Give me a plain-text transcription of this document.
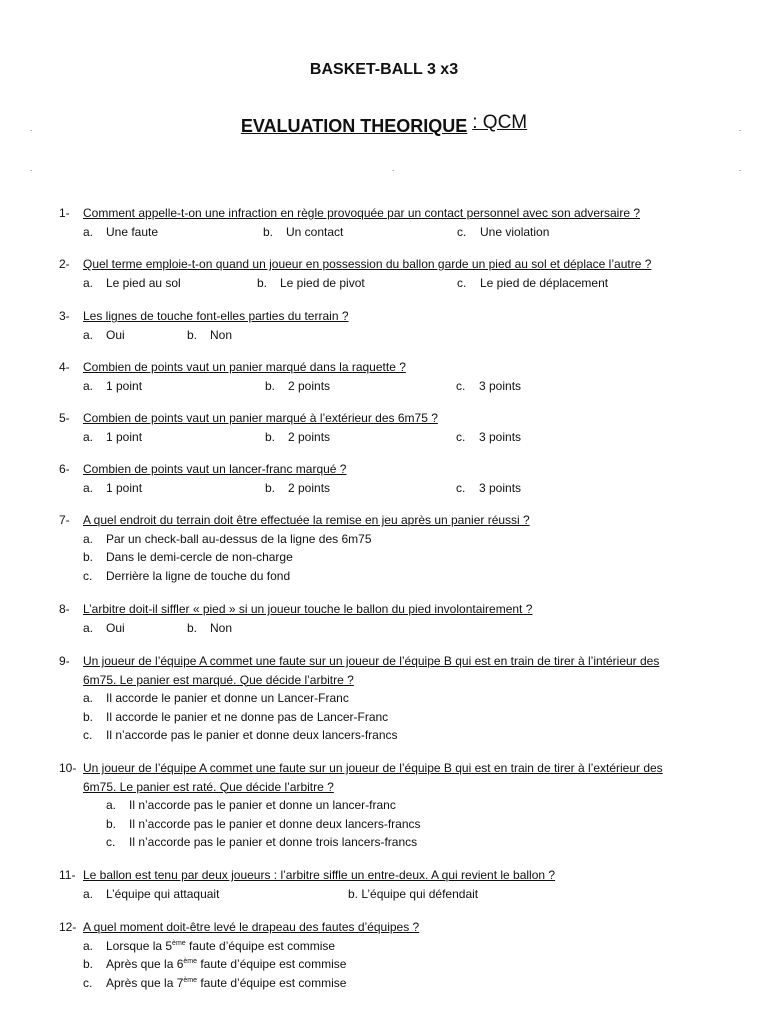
BASKET-BALL 3 x3
EVALUATION THEORIQUE : QCM
.	.
.	.	.
1-	Comment appelle-t-on une infraction en règle provoquée par un contact personnel avec son adversaire ?
a. Une faute	b. Un contact	c. Une violation
2-	Quel terme emploie-t-on quand un joueur en possession du ballon garde un pied au sol et déplace l’autre ?
a. Le pied au sol	b. Le pied de pivot	c. Le pied de déplacement
3-	Les lignes de touche font-elles parties du terrain ?
a. Oui	b. Non
4-	Combien de points vaut un panier marqué dans la raquette ?
a. 1 point	b. 2 points	c. 3 points
5-	Combien de points vaut un panier marqué à l’extérieur des 6m75 ?
a. 1 point	b. 2 points	c. 3 points
6-	Combien de points vaut un lancer-franc marqué ?
a. 1 point	b. 2 points	c. 3 points
7-	A quel endroit du terrain doit être effectuée la remise en jeu après un panier réussi ?
a. Par un check-ball au-dessus de la ligne des 6m75
b. Dans le demi-cercle de non-charge
c. Derrière la ligne de touche du fond
8-	L’arbitre doit-il siffler « pied » si un joueur touche le ballon du pied involontairement ?
a. Oui	b. Non
9-	Un joueur de l’équipe A commet une faute sur un joueur de l’équipe B qui est en train de tirer à l’intérieur des
6m75. Le panier est marqué. Que décide l’arbitre ?
a. Il accorde le panier et donne un Lancer-Franc
b. Il accorde le panier et ne donne pas de Lancer-Franc
c. Il n’accorde pas le panier et donne deux lancers-francs
10- Un joueur de l’équipe A commet une faute sur un joueur de l’équipe B qui est en train de tirer à l’extérieur des
6m75. Le panier est raté. Que décide l’arbitre ?
a. Il n’accorde pas le panier et donne un lancer-franc
b. Il n’accorde pas le panier et donne deux lancers-francs
c. Il n’accorde pas le panier et donne trois lancers-francs
11- Le ballon est tenu par deux joueurs : l’arbitre siffle un entre-deux. A qui revient le ballon ?
a. L’équipe qui attaquait	b. L’équipe qui défendait
12- A quel moment doit-être levé le drapeau des fautes d’équipes ?
a. Lorsque la 5ème faute d’équipe est commise
b. Après que la 6ème faute d’équipe est commise
c. Après que la 7ème faute d’équipe est commise
